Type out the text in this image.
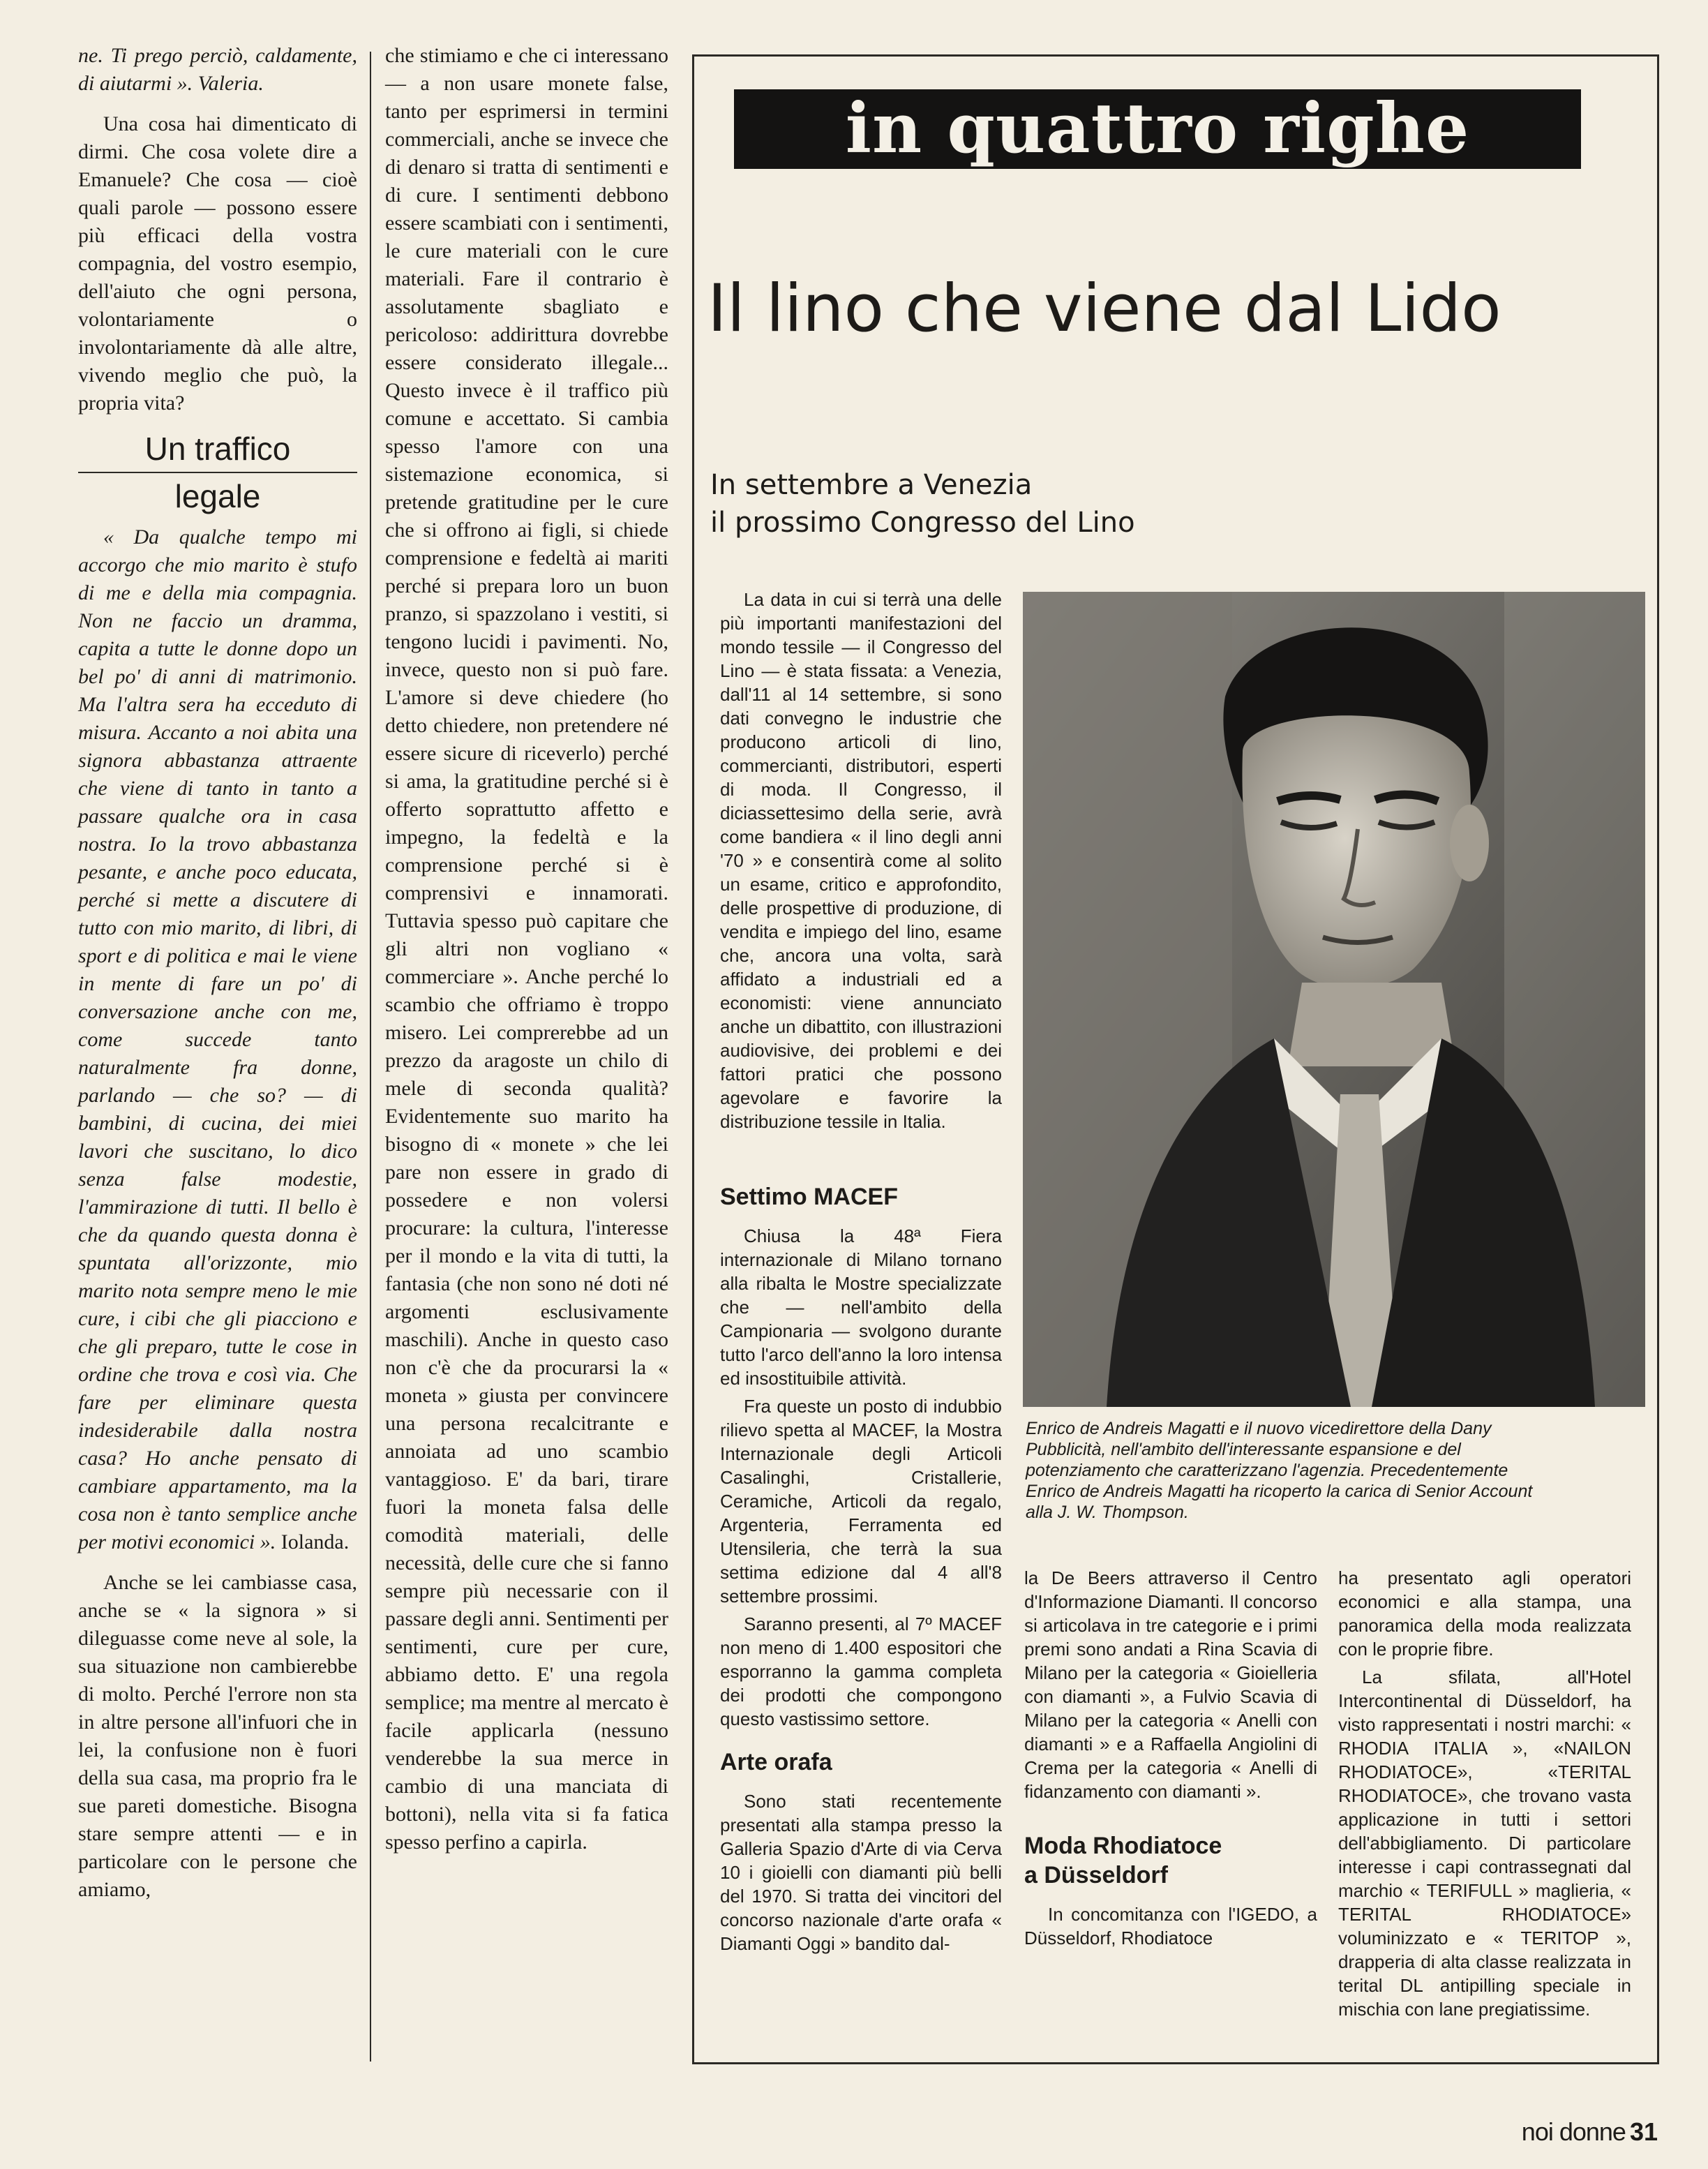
ne. Ti prego perciò, caldamente, di aiutarmi ». Valeria.

Una cosa hai dimenticato di dirmi. Che cosa volete dire a Emanuele? Che cosa — cioè quali parole — possono essere più efficaci della vostra compagnia, del vostro esempio, dell'aiuto che ogni persona, volontariamente o involontariamente dà alle altre, vivendo meglio che può, la propria vita?

Un traffico
legale

« Da qualche tempo mi accorgo che mio marito è stufo di me e della mia compagnia. Non ne faccio un dramma, capita a tutte le donne dopo un bel po' di anni di matrimonio. Ma l'altra sera ha ecceduto di misura. Accanto a noi abita una signora abbastanza attraente che viene di tanto in tanto a passare qualche ora in casa nostra. Io la trovo abbastanza pesante, e anche poco educata, perché si mette a discutere di tutto con mio marito, di libri, di sport e di politica e mai le viene in mente di fare un po' di conversazione anche con me, come succede tanto naturalmente fra donne, parlando — che so? — di bambini, di cucina, dei miei lavori che suscitano, lo dico senza false modestie, l'ammirazione di tutti. Il bello è che da quando questa donna è spuntata all'orizzonte, mio marito nota sempre meno le mie cure, i cibi che gli piacciono e che gli preparo, tutte le cose in ordine che trova e così via. Che fare per eliminare questa indesiderabile dalla nostra casa? Ho anche pensato di cambiare appartamento, ma la cosa non è tanto semplice anche per motivi economici ». Iolanda.

Anche se lei cambiasse casa, anche se « la signora » si dileguasse come neve al sole, la sua situazione non cambierebbe di molto. Perché l'errore non sta in altre persone all'infuori che in lei, la confusione non è fuori della sua casa, ma proprio fra le sue pareti domestiche. Bisogna stare sempre attenti — e in particolare con le persone che amiamo,

che stimiamo e che ci interessano — a non usare monete false, tanto per esprimersi in termini commerciali, anche se invece che di denaro si tratta di sentimenti e di cure. I sentimenti debbono essere scambiati con i sentimenti, le cure materiali con le cure materiali. Fare il contrario è assolutamente sbagliato e pericoloso: addirittura dovrebbe essere considerato illegale... Questo invece è il traffico più comune e accettato. Si cambia spesso l'amore con una sistemazione economica, si pretende gratitudine per le cure che si offrono ai figli, si chiede comprensione e fedeltà ai mariti perché si prepara loro un buon pranzo, si spazzolano i vestiti, si tengono lucidi i pavimenti. No, invece, questo non si può fare. L'amore si deve chiedere (ho detto chiedere, non pretendere né essere sicure di riceverlo) perché si ama, la gratitudine perché si è offerto soprattutto affetto e impegno, la fedeltà e la comprensione perché si è comprensivi e innamorati. Tuttavia spesso può capitare che gli altri non vogliano « commerciare ». Anche perché lo scambio che offriamo è troppo misero. Lei comprerebbe ad un prezzo da aragoste un chilo di mele di seconda qualità? Evidentemente suo marito ha bisogno di « monete » che lei pare non essere in grado di possedere e non volersi procurare: la cultura, l'interesse per il mondo e la vita di tutti, la fantasia (che non sono né doti né argomenti esclusivamente maschili). Anche in questo caso non c'è che da procurarsi la « moneta » giusta per convincere una persona recalcitrante e annoiata ad uno scambio vantaggioso. E' da bari, tirare fuori la moneta falsa delle comodità materiali, delle necessità, delle cure che si fanno sempre più necessarie con il passare degli anni. Sentimenti per sentimenti, cure per cure, abbiamo detto. E' una regola semplice; ma mentre al mercato è facile applicarla (nessuno venderebbe la sua merce in cambio di una manciata di bottoni), nella vita si fa fatica spesso perfino a capirla.

in quattro righe
Il lino che viene dal Lido
In settembre a Venezia
il prossimo Congresso del Lino

La data in cui si terrà una delle più importanti manifestazioni del mondo tessile — il Congresso del Lino — è stata fissata: a Venezia, dall'11 al 14 settembre, si sono dati convegno le industrie che producono articoli di lino, commercianti, distributori, esperti di moda. Il Congresso, il diciassettesimo della serie, avrà come bandiera « il lino degli anni '70 » e consentirà come al solito un esame, critico e approfondito, delle prospettive di produzione, di vendita e impiego del lino, esame che, ancora una volta, sarà affidato a industriali ed a economisti: viene annunciato anche un dibattito, con illustrazioni audiovisive, dei problemi e dei fattori pratici che possono agevolare e favorire la distribuzione tessile in Italia.

Settimo MACEF

Chiusa la 48ª Fiera internazionale di Milano tornano alla ribalta le Mostre specializzate che — nell'ambito della Campionaria — svolgono durante tutto l'arco dell'anno la loro intensa ed insostituibile attività.

Fra queste un posto di indubbio rilievo spetta al MACEF, la Mostra Internazionale degli Articoli Casalinghi, Cristallerie, Ceramiche, Articoli da regalo, Argenteria, Ferramenta ed Utensileria, che terrà la sua settima edizione dal 4 all'8 settembre prossimi.

Saranno presenti, al 7º MACEF non meno di 1.400 espositori che esporranno la gamma completa dei prodotti che compongono questo vastissimo settore.

Arte orafa

Sono stati recentemente presentati alla stampa presso la Galleria Spazio d'Arte di via Cerva 10 i gioielli con diamanti più belli del 1970. Si tratta dei vincitori del concorso nazionale d'arte orafa « Diamanti Oggi » bandito dal-

Enrico de Andreis Magatti e il nuovo vicedirettore della Dany Pubblicità, nell'ambito dell'interessante espansione e del potenziamento che caratterizzano l'agenzia. Precedentemente Enrico de Andreis Magatti ha ricoperto la carica di Senior Account alla J. W. Thompson.

la De Beers attraverso il Centro d'Informazione Diamanti. Il concorso si articolava in tre categorie e i primi premi sono andati a Rina Scavia di Milano per la categoria « Gioielleria con diamanti », a Fulvio Scavia di Milano per la categoria « Anelli con diamanti » e a Raffaella Angiolini di Crema per la categoria « Anelli di fidanzamento con diamanti ».

Moda Rhodiatoce
a Düsseldorf

In concomitanza con l'IGEDO, a Düsseldorf, Rhodiatoce

ha presentato agli operatori economici e alla stampa, una panoramica della moda realizzata con le proprie fibre.

La sfilata, all'Hotel Intercontinental di Düsseldorf, ha visto rappresentati i nostri marchi: « RHODIA ITALIA », «NAILON RHODIATOCE», «TERITAL RHODIATOCE», che trovano vasta applicazione in tutti i settori dell'abbigliamento. Di particolare interesse i capi contrassegnati dal marchio « TERIFULL » maglieria, « TERITAL RHODIATOCE» voluminizzato e « TERITOP », drapperia di alta classe realizzata in terital DL antipilling speciale in mischia con lane pregiatissime.

noi donne 31
